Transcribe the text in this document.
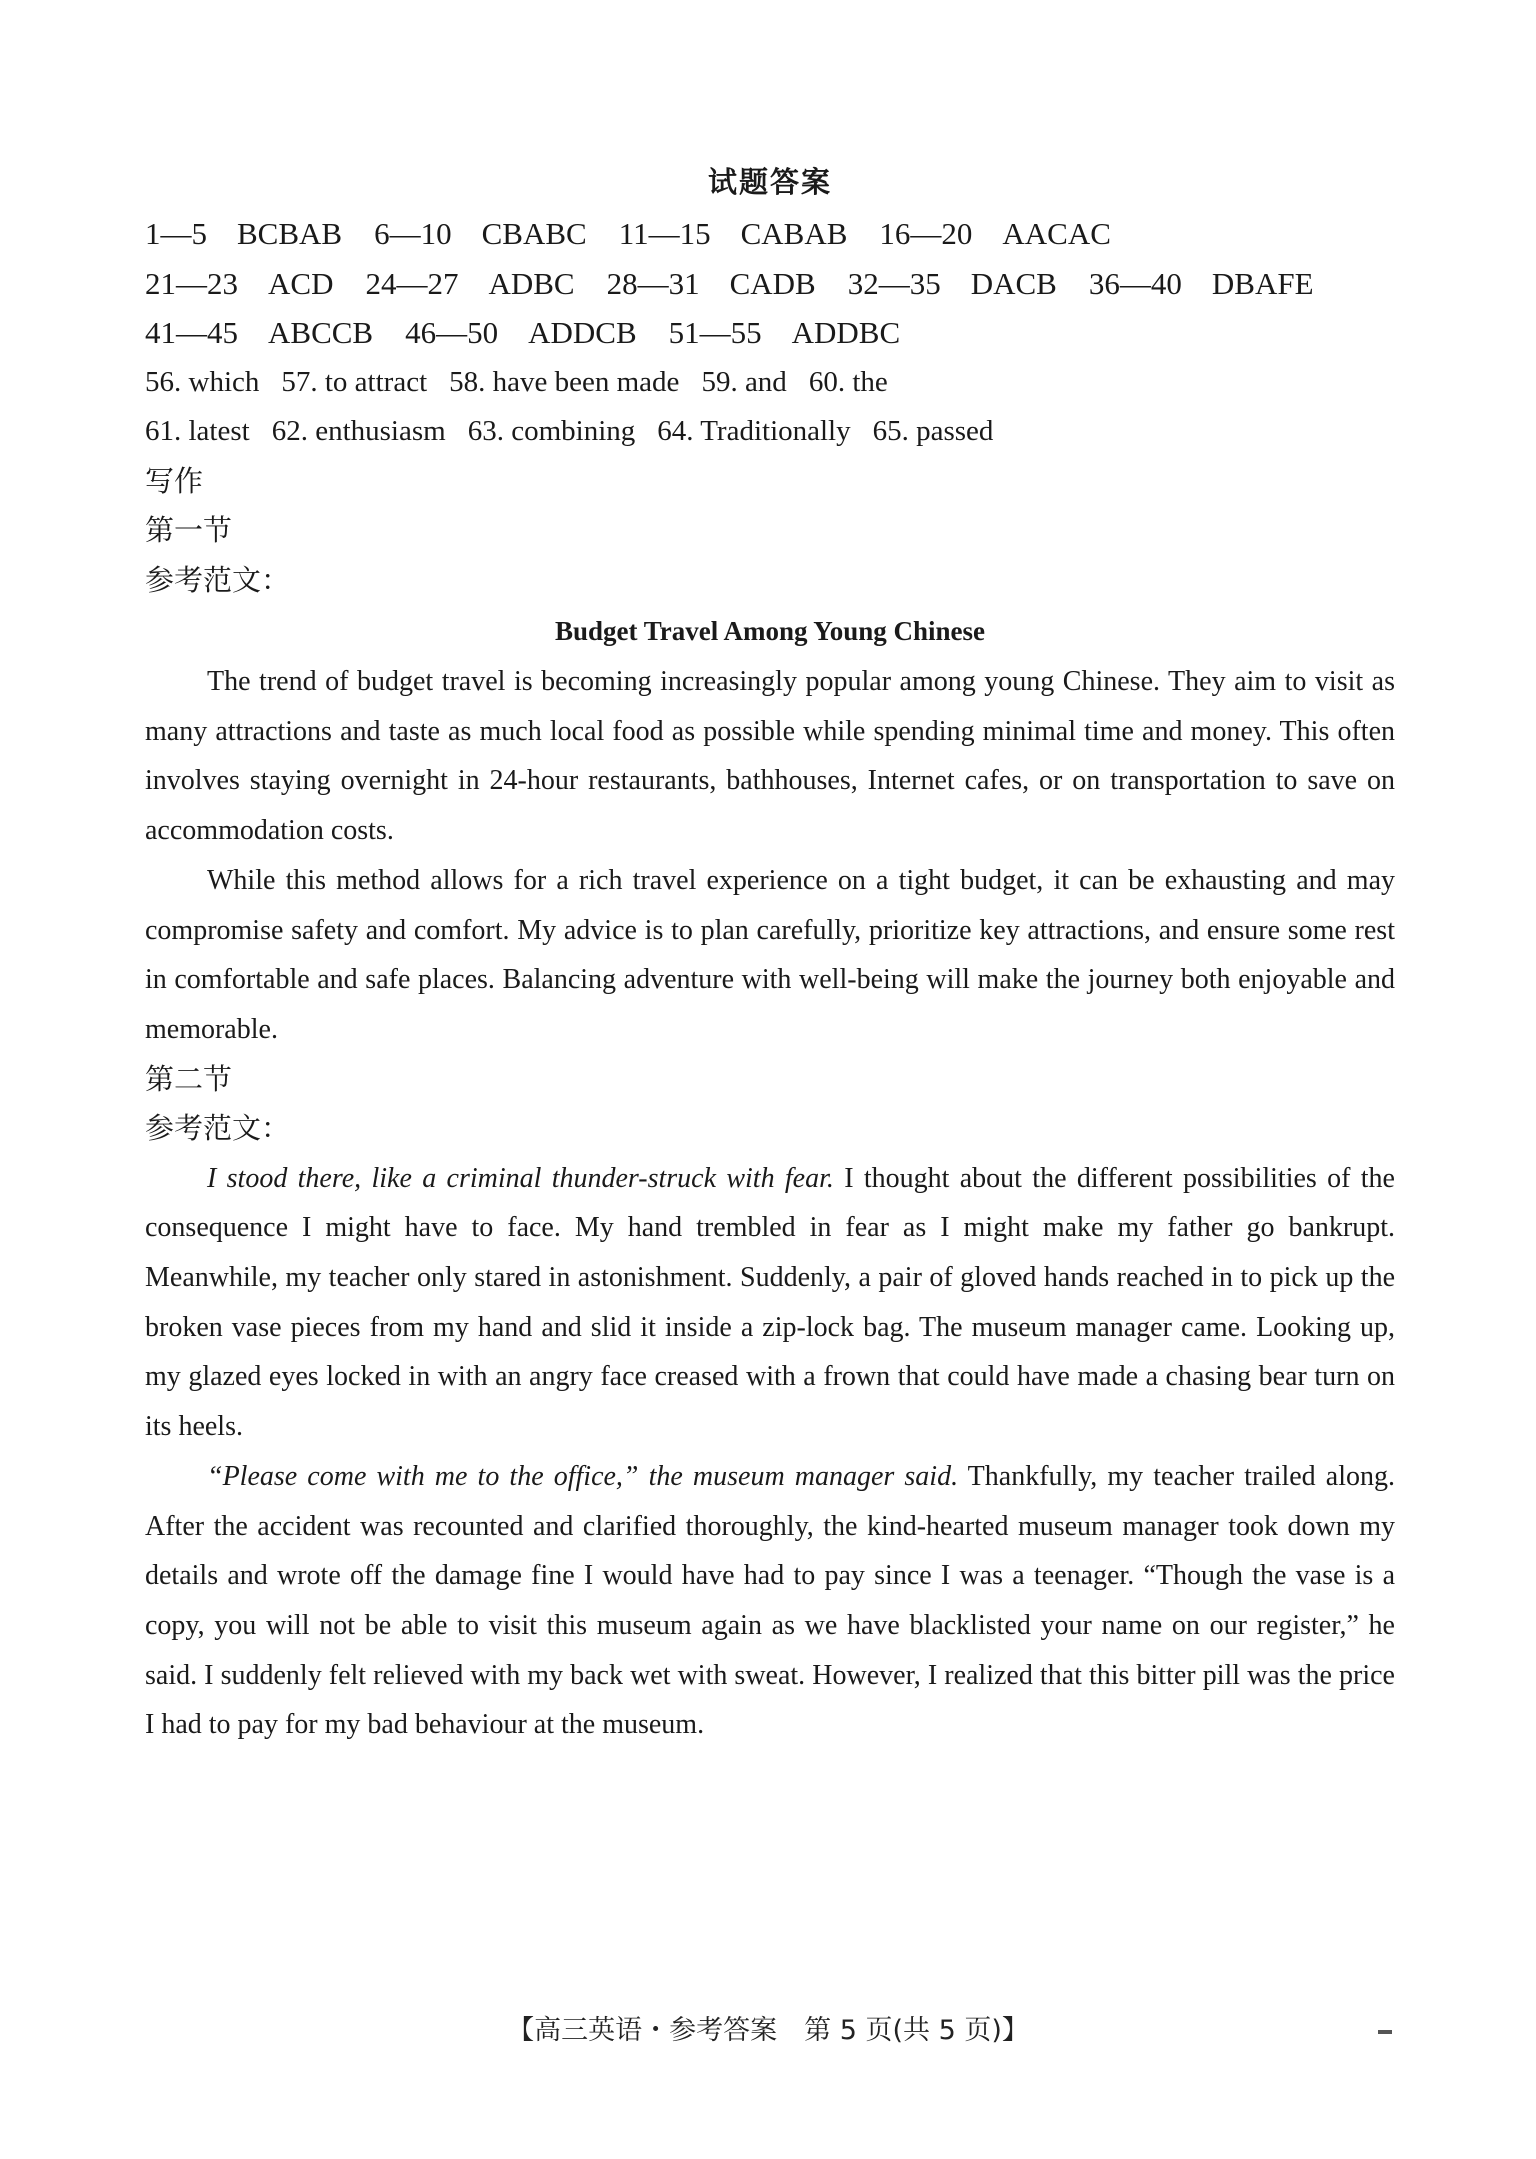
试题答案
1—5 BCBAB 6—10 CBABC 11—15 CABAB 16—20 AACAC
21—23 ACD 24—27 ADBC 28—31 CADB 32—35 DACB 36—40 DBAFE
41—45 ABCCB 46—50 ADDCB 51—55 ADDBC
56. which 57. to attract 58. have been made 59. and 60. the
61. latest 62. enthusiasm 63. combining 64. Traditionally 65. passed
写作
第一节
参考范文：
Budget Travel Among Young Chinese

The trend of budget travel is becoming increasingly popular among young Chinese. They aim to visit as many attractions and taste as much local food as possible while spending minimal time and money. This often involves staying overnight in 24-hour restaurants, bathhouses, Internet cafes, or on transportation to save on accommodation costs.

While this method allows for a rich travel experience on a tight budget, it can be exhausting and may compromise safety and comfort. My advice is to plan carefully, prioritize key attractions, and ensure some rest in comfortable and safe places. Balancing adventure with well-being will make the journey both enjoyable and memorable.

第二节
参考范文：

I stood there, like a criminal thunder-struck with fear. I thought about the different possibilities of the consequence I might have to face. My hand trembled in fear as I might make my father go bankrupt. Meanwhile, my teacher only stared in astonishment. Suddenly, a pair of gloved hands reached in to pick up the broken vase pieces from my hand and slid it inside a zip-lock bag. The museum manager came. Looking up, my glazed eyes locked in with an angry face creased with a frown that could have made a chasing bear turn on its heels.

“Please come with me to the office,” the museum manager said. Thankfully, my teacher trailed along. After the accident was recounted and clarified thoroughly, the kind-hearted museum manager took down my details and wrote off the damage fine I would have had to pay since I was a teenager. “Though the vase is a copy, you will not be able to visit this museum again as we have blacklisted your name on our register,” he said. I suddenly felt relieved with my back wet with sweat. However, I realized that this bitter pill was the price I had to pay for my bad behaviour at the museum.

【高三英语・参考答案　第 5 页(共 5 页)】
